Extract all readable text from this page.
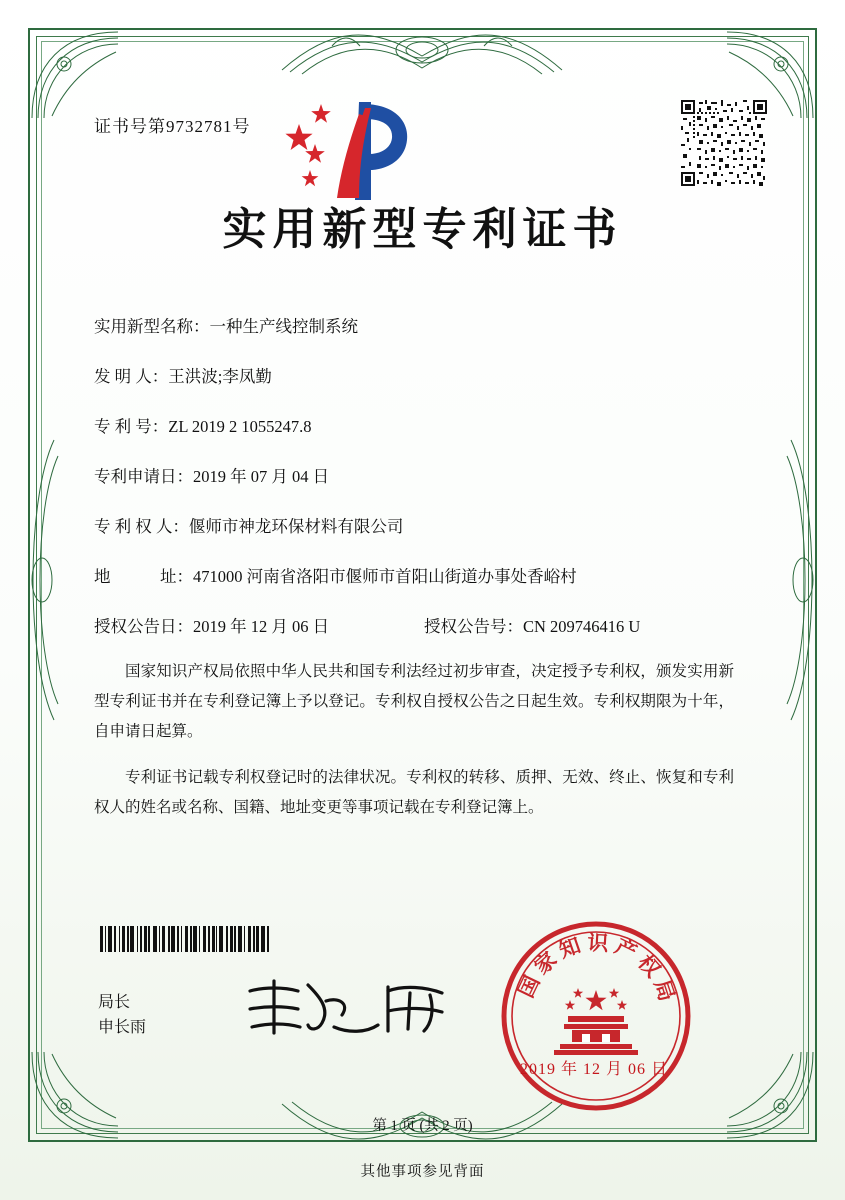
证书号第9732781号
实用新型专利证书
实用新型名称： 一种生产线控制系统
发 明 人： 王洪波;李凤勤
专 利 号： ZL 2019 2 1055247.8
专利申请日： 2019 年 07 月 04 日
专 利 权 人： 偃师市神龙环保材料有限公司
地　　　址： 471000 河南省洛阳市偃师市首阳山街道办事处香峪村
授权公告日：2019 年 12 月 06 日	授权公告号：CN 209746416 U

国家知识产权局依照中华人民共和国专利法经过初步审查，决定授予专利权，颁发实用新型专利证书并在专利登记簿上予以登记。专利权自授权公告之日起生效。专利权期限为十年，自申请日起算。

专利证书记载专利权登记时的法律状况。专利权的转移、质押、无效、终止、恢复和专利权人的姓名或名称、国籍、地址变更等事项记载在专利登记簿上。

局长
申长雨
国家知识产权局
2019 年 12 月 06 日
第 1 页 (共 2 页)
其他事项参见背面
